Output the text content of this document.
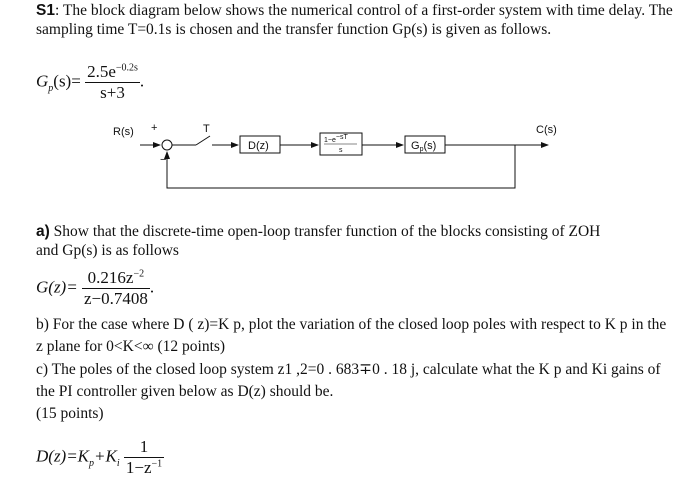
S1: The block diagram below shows the numerical control of a first-order system with time delay. The
sampling time T=0.1s is chosen and the transfer function Gp(s) is given as follows.
$G_p(s)= \frac{2.5e^{-0.2s}}{s+3}$ .
R(s) +
−
T	C(s)
D(z)	1−e−sT
s	Gp(s)
a) Show that the discrete-time open-loop transfer function of the blocks consisting of ZOH
and Gp(s) is as follows
$G(z)= \frac{0.216z^{-2}}{z-0.7408}$ .
b) For the case where D ( z)=K p, plot the variation of the closed loop poles with respect to K p in the
z plane for 0<K<∞ (12 points)
c) The poles of the closed loop system z1 ,2=0 . 683∓0 . 18 j, calculate what the K p and Ki gains of
the PI controller given below as D(z) should be.
(15 points)
$D(z)=K_p+K_i \frac{1}{1-z^{-1}}$
